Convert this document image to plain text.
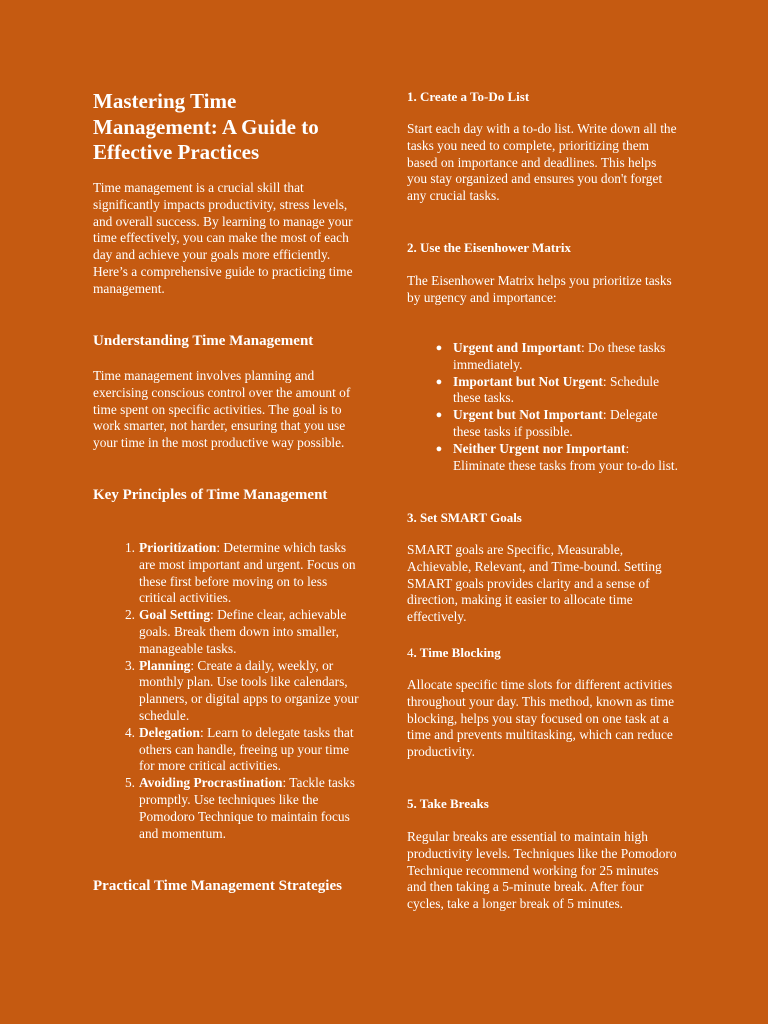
Mastering Time Management: A Guide to Effective Practices

Time management is a crucial skill that significantly impacts productivity, stress levels, and overall success. By learning to manage your time effectively, you can make the most of each day and achieve your goals more efficiently. Here’s a comprehensive guide to practicing time management.

Understanding Time Management

Time management involves planning and exercising conscious control over the amount of time spent on specific activities. The goal is to work smarter, not harder, ensuring that you use your time in the most productive way possible.

Key Principles of Time Management
1. Prioritization: Determine which tasks are most important and urgent. Focus on these first before moving on to less critical activities.
2. Goal Setting: Define clear, achievable goals. Break them down into smaller, manageable tasks.
3. Planning: Create a daily, weekly, or monthly plan. Use tools like calendars, planners, or digital apps to organize your schedule.
4. Delegation: Learn to delegate tasks that others can handle, freeing up your time for more critical activities.
5. Avoiding Procrastination: Tackle tasks promptly. Use techniques like the Pomodoro Technique to maintain focus and momentum.
Practical Time Management Strategies
1. Create a To-Do List

Start each day with a to-do list. Write down all the tasks you need to complete, prioritizing them based on importance and deadlines. This helps you stay organized and ensures you don't forget any crucial tasks.

2. Use the Eisenhower Matrix

The Eisenhower Matrix helps you prioritize tasks by urgency and importance:

● Urgent and Important: Do these tasks immediately.
● Important but Not Urgent: Schedule these tasks.
● Urgent but Not Important: Delegate these tasks if possible.
● Neither Urgent nor Important: Eliminate these tasks from your to-do list.
3. Set SMART Goals

SMART goals are Specific, Measurable, Achievable, Relevant, and Time-bound. Setting SMART goals provides clarity and a sense of direction, making it easier to allocate time effectively.

4. Time Blocking

Allocate specific time slots for different activities throughout your day. This method, known as time blocking, helps you stay focused on one task at a time and prevents multitasking, which can reduce productivity.

5. Take Breaks

Regular breaks are essential to maintain high productivity levels. Techniques like the Pomodoro Technique recommend working for 25 minutes and then taking a 5-minute break. After four cycles, take a longer break of 5 minutes.
